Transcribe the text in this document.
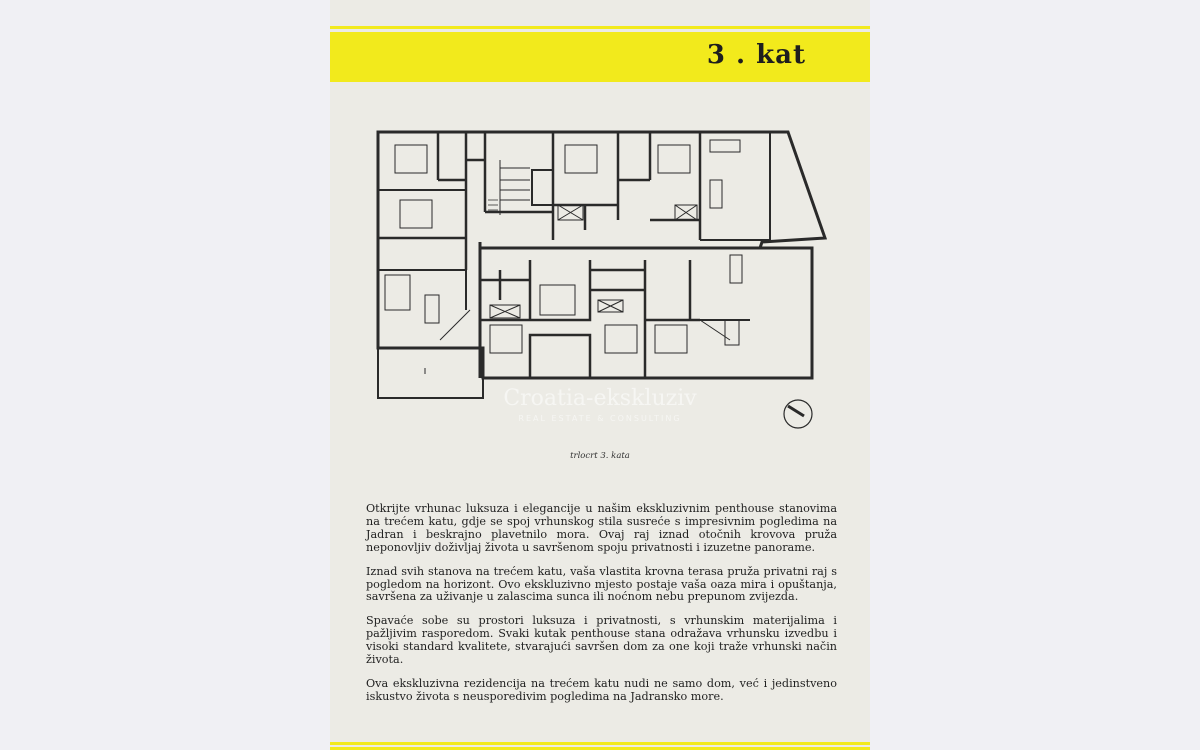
3 . kat
Croatia-ekskluziv
REAL ESTATE & CONSULTING
trlocrt 3. kata

Otkrijte vrhunac luksuza i elegancije u našim ekskluzivnim penthouse stanovima na trećem katu, gdje se spoj vrhunskog stila susreće s impresivnim pogledima na Jadran i beskrajno plavetnilo mora. Ovaj raj iznad otočnih krovova pruža neponovljiv doživljaj života u savršenom spoju privatnosti i izuzetne panorame.

Iznad svih stanova na trećem katu, vaša vlastita krovna terasa pruža privatni raj s pogledom na horizont. Ovo ekskluzivno mjesto postaje vaša oaza mira i opuštanja, savršena za uživanje u zalascima sunca ili noćnom nebu prepunom zvijezda.

Spavaće sobe su prostori luksuza i privatnosti, s vrhunskim materijalima i pažljivim rasporedom. Svaki kutak penthouse stana odražava vrhunsku izvedbu i visoki standard kvalitete, stvarajući savršen dom za one koji traže vrhunski način života.

Ova ekskluzivna rezidencija na trećem katu nudi ne samo dom, već i jedinstveno iskustvo života s neusporedivim pogledima na Jadransko more.
